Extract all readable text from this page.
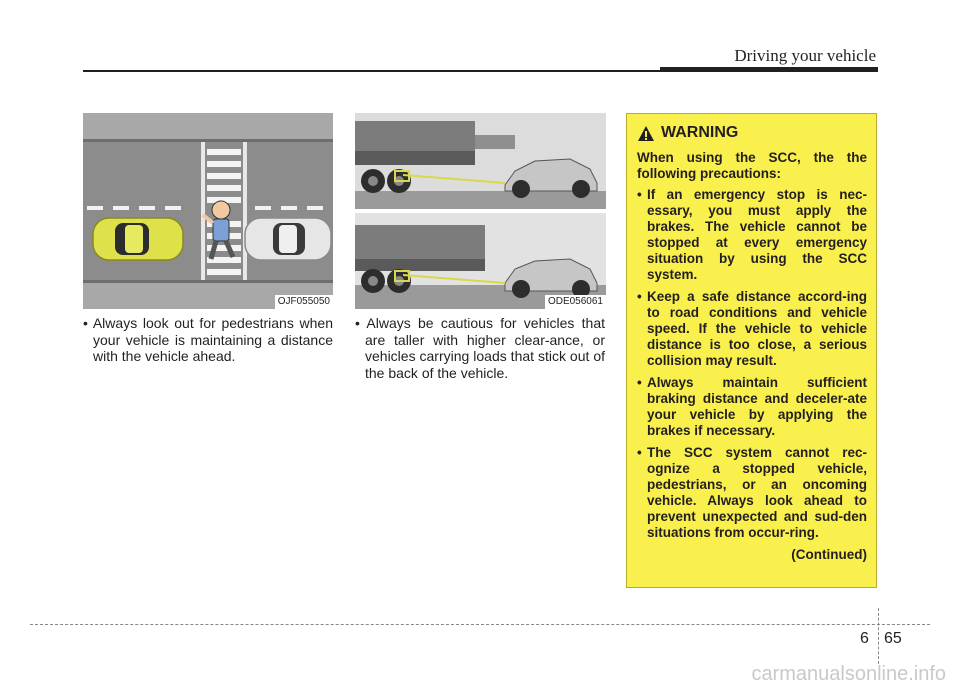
Driving your vehicle
OJF055050	ODE056061
• Always look out for pedestrians when your vehicle is maintaining a distance with the vehicle ahead.
• Always be cautious for vehicles that are taller with higher clear-ance, or vehicles carrying loads that stick out of the back of the vehicle.
WARNING

When using the SCC, the the following precautions:

• If an emergency stop is nec-essary, you must apply the brakes. The vehicle cannot be stopped at every emergency situation by using the SCC system.
• Keep a safe distance accord-ing to road conditions and vehicle speed. If the vehicle to vehicle distance is too close, a serious collision may result.
• Always maintain sufficient braking distance and deceler-ate your vehicle by applying the brakes if necessary.
• The SCC system cannot rec-ognize a stopped vehicle, pedestrians, or an oncoming vehicle. Always look ahead to prevent unexpected and sud-den situations from occur-ring.
(Continued)
6 65
carmanualsonline.info
